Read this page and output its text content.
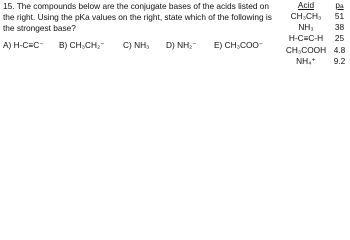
15. The compounds below are the conjugate bases of the acids listed on the right. Using the pKa values on the right, state which of the following is the strongest base?
A) H-C≡C⁻ B) CH₃CH₂⁻ C) NH₃ D) NH₂⁻ E) CH₃COO⁻
Acid	pa
CH₃CH₃	51
NH₃	38
H-C≡C-H	25
CH₃COOH 4.8
NH₄⁺	9.2
